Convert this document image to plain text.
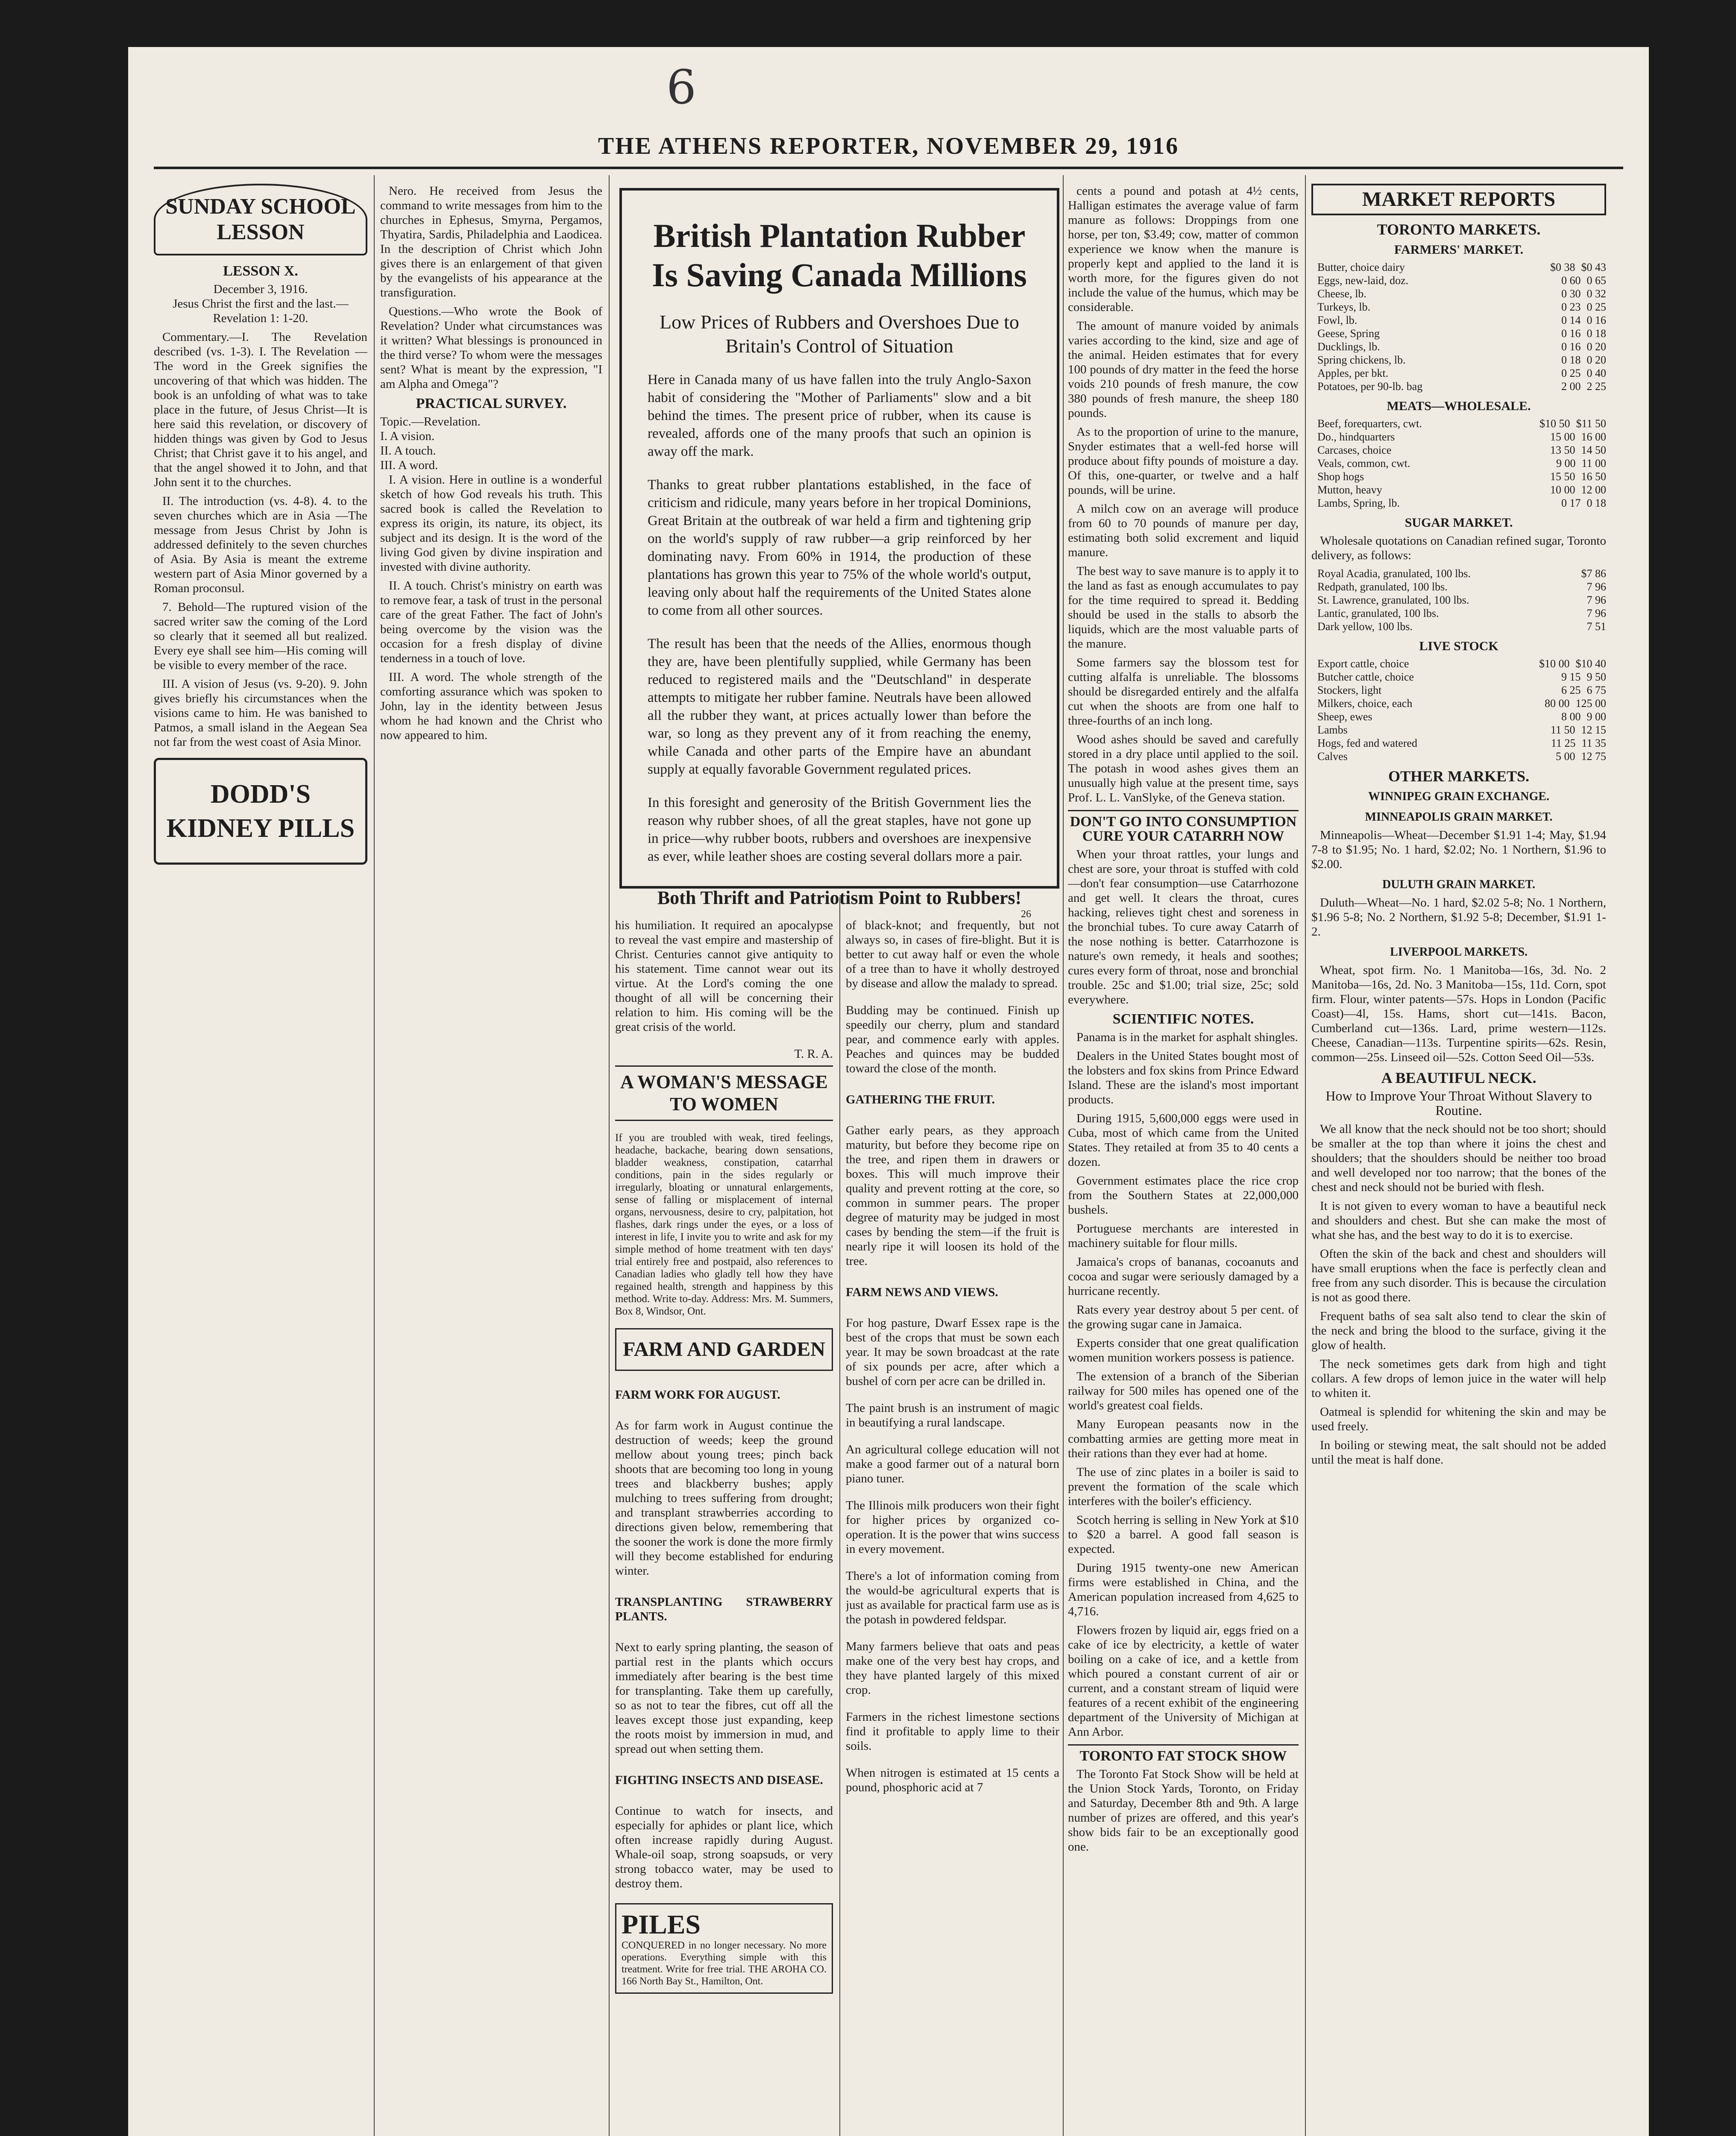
6
THE ATHENS REPORTER, NOVEMBER 29, 1916
SUNDAY SCHOOL LESSON
LESSON X.
December 3, 1916.
Jesus Christ the first and the last.—Revelation 1: 1-20.

Commentary.—I. The Revelation described (vs. 1-3). I. The Revelation —The word in the Greek signifies the uncovering of that which was hidden. The book is an unfolding of what was to take place in the future, of Jesus Christ—It is here said this revelation, or discovery of hidden things was given by God to Jesus Christ; that Christ gave it to his angel, and that the angel showed it to John, and that John sent it to the churches.

II. The introduction (vs. 4-8). 4. to the seven churches which are in Asia —The message from Jesus Christ by John is addressed definitely to the seven churches of Asia. By Asia is meant the extreme western part of Asia Minor governed by a Roman proconsul.

7. Behold—The ruptured vision of the sacred writer saw the coming of the Lord so clearly that it seemed all but realized. Every eye shall see him—His coming will be visible to every member of the race.

III. A vision of Jesus (vs. 9-20). 9. John gives briefly his circumstances when the visions came to him. He was banished to Patmos, a small island in the Aegean Sea not far from the west coast of Asia Minor.

DODD'S KIDNEY PILLS

Nero. He received from Jesus the command to write messages from him to the churches in Ephesus, Smyrna, Pergamos, Thyatira, Sardis, Philadelphia and Laodicea. In the description of Christ which John gives there is an enlargement of that given by the evangelists of his appearance at the transfiguration.

Questions.—Who wrote the Book of Revelation? Under what circumstances was it written? What blessings is pronounced in the third verse? To whom were the messages sent? What is meant by the expression, "I am Alpha and Omega"?

PRACTICAL SURVEY.
Topic.—Revelation.
I. A vision.
II. A touch.
III. A word.

I. A vision. Here in outline is a wonderful sketch of how God reveals his truth. This sacred book is called the Revelation to express its origin, its nature, its object, its subject and its design. It is the word of the living God given by divine inspiration and invested with divine authority.

II. A touch. Christ's ministry on earth was to remove fear, a task of trust in the personal care of the great Father. The fact of John's being overcome by the vision was the occasion for a fresh display of divine tenderness in a touch of love.

III. A word. The whole strength of the comforting assurance which was spoken to John, lay in the identity between Jesus whom he had known and the Christ who now appeared to him.

British Plantation Rubber Is Saving Canada Millions
Low Prices of Rubbers and Overshoes Due to Britain's Control of Situation

Here in Canada many of us have fallen into the truly Anglo-Saxon habit of considering the "Mother of Parliaments" slow and a bit behind the times. The present price of rubber, when its cause is revealed, affords one of the many proofs that such an opinion is away off the mark.

Thanks to great rubber plantations established, in the face of criticism and ridicule, many years before in her tropical Dominions, Great Britain at the outbreak of war held a firm and tightening grip on the world's supply of raw rubber—a grip reinforced by her dominating navy. From 60% in 1914, the production of these plantations has grown this year to 75% of the whole world's output, leaving only about half the requirements of the United States alone to come from all other sources.

The result has been that the needs of the Allies, enormous though they are, have been plentifully supplied, while Germany has been reduced to registered mails and the "Deutschland" in desperate attempts to mitigate her rubber famine. Neutrals have been allowed all the rubber they want, at prices actually lower than before the war, so long as they prevent any of it from reaching the enemy, while Canada and other parts of the Empire have an abundant supply at equally favorable Government regulated prices.

In this foresight and generosity of the British Government lies the reason why rubber shoes, of all the great staples, have not gone up in price—why rubber boots, rubbers and overshoes are inexpensive as ever, while leather shoes are costing several dollars more a pair.

Both Thrift and Patriotism Point to Rubbers!
26

his humiliation. It required an apocalypse to reveal the vast empire and mastership of Christ. Centuries cannot give antiquity to his statement. Time cannot wear out its virtue. At the Lord's coming the one thought of all will be concerning their relation to him. His coming will be the great crisis of the world.

T. R. A.
A WOMAN'S MESSAGE TO WOMEN

If you are troubled with weak, tired feelings, headache, backache, bearing down sensations, bladder weakness, constipation, catarrhal conditions, pain in the sides regularly or irregularly, bloating or unnatural enlargements, sense of falling or misplacement of internal organs, nervousness, desire to cry, palpitation, hot flashes, dark rings under the eyes, or a loss of interest in life, I invite you to write and ask for my simple method of home treatment with ten days' trial entirely free and postpaid, also references to Canadian ladies who gladly tell how they have regained health, strength and happiness by this method. Write to-day. Address: Mrs. M. Summers, Box 8, Windsor, Ont.

FARM AND GARDEN
FARM WORK FOR AUGUST.

As for farm work in August continue the destruction of weeds; keep the ground mellow about young trees; pinch back shoots that are becoming too long in young trees and blackberry bushes; apply mulching to trees suffering from drought; and transplant strawberries according to directions given below, remembering that the sooner the work is done the more firmly will they become established for enduring winter.

TRANSPLANTING STRAWBERRY PLANTS.

Next to early spring planting, the season of partial rest in the plants which occurs immediately after bearing is the best time for transplanting. Take them up carefully, so as not to tear the fibres, cut off all the leaves except those just expanding, keep the roots moist by immersion in mud, and spread out when setting them.

FIGHTING INSECTS AND DISEASE.

Continue to watch for insects, and especially for aphides or plant lice, which often increase rapidly during August. Whale-oil soap, strong soapsuds, or very strong tobacco water, may be used to destroy them.

PILES
CONQUERED in no longer necessary. No more operations. Everything simple with this treatment. Write for free trial. THE AROHA CO. 166 North Bay St., Hamilton, Ont.

of black-knot; and frequently, but not always so, in cases of fire-blight. But it is better to cut away half or even the whole of a tree than to have it wholly destroyed by disease and allow the malady to spread.

Budding may be continued. Finish up speedily our cherry, plum and standard pear, and commence early with apples. Peaches and quinces may be budded toward the close of the month.

GATHERING THE FRUIT.

Gather early pears, as they approach maturity, but before they become ripe on the tree, and ripen them in drawers or boxes. This will much improve their quality and prevent rotting at the core, so common in summer pears. The proper degree of maturity may be judged in most cases by bending the stem—if the fruit is nearly ripe it will loosen its hold of the tree.

FARM NEWS AND VIEWS.

For hog pasture, Dwarf Essex rape is the best of the crops that must be sown each year. It may be sown broadcast at the rate of six pounds per acre, after which a bushel of corn per acre can be drilled in.

The paint brush is an instrument of magic in beautifying a rural landscape.

An agricultural college education will not make a good farmer out of a natural born piano tuner.

The Illinois milk producers won their fight for higher prices by organized co-operation. It is the power that wins success in every movement.

There's a lot of information coming from the would-be agricultural experts that is just as available for practical farm use as is the potash in powdered feldspar.

Many farmers believe that oats and peas make one of the very best hay crops, and they have planted largely of this mixed crop.

Farmers in the richest limestone sections find it profitable to apply lime to their soils.

When nitrogen is estimated at 15 cents a pound, phosphoric acid at 7

cents a pound and potash at 4½ cents, Halligan estimates the average value of farm manure as follows: Droppings from one horse, per ton, $3.49; cow, matter of common experience we know when the manure is properly kept and applied to the land it is worth more, for the figures given do not include the value of the humus, which may be considerable.

The amount of manure voided by animals varies according to the kind, size and age of the animal. Heiden estimates that for every 100 pounds of dry matter in the feed the horse voids 210 pounds of fresh manure, the cow 380 pounds of fresh manure, the sheep 180 pounds.

As to the proportion of urine to the manure, Snyder estimates that a well-fed horse will produce about fifty pounds of moisture a day. Of this, one-quarter, or twelve and a half pounds, will be urine.

A milch cow on an average will produce from 60 to 70 pounds of manure per day, estimating both solid excrement and liquid manure.

The best way to save manure is to apply it to the land as fast as enough accumulates to pay for the time required to spread it. Bedding should be used in the stalls to absorb the liquids, which are the most valuable parts of the manure.

Some farmers say the blossom test for cutting alfalfa is unreliable. The blossoms should be disregarded entirely and the alfalfa cut when the shoots are from one half to three-fourths of an inch long.

Wood ashes should be saved and carefully stored in a dry place until applied to the soil. The potash in wood ashes gives them an unusually high value at the present time, says Prof. L. L. VanSlyke, of the Geneva station.

DON'T GO INTO CONSUMPTION CURE YOUR CATARRH NOW

When your throat rattles, your lungs and chest are sore, your throat is stuffed with cold—don't fear consumption—use Catarrhozone and get well. It clears the throat, cures hacking, relieves tight chest and soreness in the bronchial tubes. To cure away Catarrh of the nose nothing is better. Catarrhozone is nature's own remedy, it heals and soothes; cures every form of throat, nose and bronchial trouble. 25c and $1.00; trial size, 25c; sold everywhere.

SCIENTIFIC NOTES.

Panama is in the market for asphalt shingles.

Dealers in the United States bought most of the lobsters and fox skins from Prince Edward Island. These are the island's most important products.

During 1915, 5,600,000 eggs were used in Cuba, most of which came from the United States. They retailed at from 35 to 40 cents a dozen.

Government estimates place the rice crop from the Southern States at 22,000,000 bushels.

Portuguese merchants are interested in machinery suitable for flour mills.

Jamaica's crops of bananas, cocoanuts and cocoa and sugar were seriously damaged by a hurricane recently.

Rats every year destroy about 5 per cent. of the growing sugar cane in Jamaica.

Experts consider that one great qualification women munition workers possess is patience.

The extension of a branch of the Siberian railway for 500 miles has opened one of the world's greatest coal fields.

Many European peasants now in the combatting armies are getting more meat in their rations than they ever had at home.

The use of zinc plates in a boiler is said to prevent the formation of the scale which interferes with the boiler's efficiency.

Scotch herring is selling in New York at $10 to $20 a barrel. A good fall season is expected.

During 1915 twenty-one new American firms were established in China, and the American population increased from 4,625 to 4,716.

Flowers frozen by liquid air, eggs fried on a cake of ice by electricity, a kettle of water boiling on a cake of ice, and a kettle from which poured a constant current of air or current, and a constant stream of liquid were features of a recent exhibit of the engineering department of the University of Michigan at Ann Arbor.

TORONTO FAT STOCK SHOW

The Toronto Fat Stock Show will be held at the Union Stock Yards, Toronto, on Friday and Saturday, December 8th and 9th. A large number of prizes are offered, and this year's show bids fair to be an exceptionally good one.

MARKET REPORTS
TORONTO MARKETS.
FARMERS' MARKET.
Butter, choice dairy	$0 38 $0 43
Eggs, new-laid, doz.	0 60 0 65
Cheese, lb.	0 30 0 32
Turkeys, lb.	0 23 0 25
Fowl, lb.	0 14 0 16
Geese, Spring	0 16 0 18
Ducklings, lb.	0 16 0 20
Spring chickens, lb.	0 18 0 20
Apples, per bkt.	0 25 0 40
Potatoes, per 90-lb. bag	2 00 2 25
MEATS—WHOLESALE.
Beef, forequarters, cwt.	$10 50 $11 50
Do., hindquarters	15 00 16 00
Carcases, choice	13 50 14 50
Veals, common, cwt.	9 00 11 00
Shop hogs	15 50 16 50
Mutton, heavy	10 00 12 00
Lambs, Spring, lb.	0 17 0 18
SUGAR MARKET.

Wholesale quotations on Canadian refined sugar, Toronto delivery, as follows:

Royal Acadia, granulated, 100 lbs.	$7 86
Redpath, granulated, 100 lbs.	7 96
St. Lawrence, granulated, 100 lbs.	7 96
Lantic, granulated, 100 lbs.	7 96
Dark yellow, 100 lbs.	7 51
LIVE STOCK
Export cattle, choice	$10 00 $10 40
Butcher cattle, choice	9 15 9 50
Stockers, light	6 25 6 75
Milkers, choice, each	80 00 125 00
Sheep, ewes	8 00 9 00
Lambs	11 50 12 15
Hogs, fed and watered	11 25 11 35
Calves	5 00 12 75
OTHER MARKETS.
WINNIPEG GRAIN EXCHANGE.
MINNEAPOLIS GRAIN MARKET.

Minneapolis—Wheat—December $1.91 1-4; May, $1.94 7-8 to $1.95; No. 1 hard, $2.02; No. 1 Northern, $1.96 to $2.00.

DULUTH GRAIN MARKET.

Duluth—Wheat—No. 1 hard, $2.02 5-8; No. 1 Northern, $1.96 5-8; No. 2 Northern, $1.92 5-8; December, $1.91 1-2.

LIVERPOOL MARKETS.

Wheat, spot firm. No. 1 Manitoba—16s, 3d. No. 2 Manitoba—16s, 2d. No. 3 Manitoba—15s, 11d. Corn, spot firm. Flour, winter patents—57s. Hops in London (Pacific Coast)—4l, 15s. Hams, short cut—141s. Bacon, Cumberland cut—136s. Lard, prime western—112s. Cheese, Canadian—113s. Turpentine spirits—62s. Resin, common—25s. Linseed oil—52s. Cotton Seed Oil—53s.

A BEAUTIFUL NECK.
How to Improve Your Throat Without Slavery to Routine.

We all know that the neck should not be too short; should be smaller at the top than where it joins the chest and shoulders; that the shoulders should be neither too broad and well developed nor too narrow; that the bones of the chest and neck should not be buried with flesh.

It is not given to every woman to have a beautiful neck and shoulders and chest. But she can make the most of what she has, and the best way to do it is to exercise.

Often the skin of the back and chest and shoulders will have small eruptions when the face is perfectly clean and free from any such disorder. This is because the circulation is not as good there.

Frequent baths of sea salt also tend to clear the skin of the neck and bring the blood to the surface, giving it the glow of health.

The neck sometimes gets dark from high and tight collars. A few drops of lemon juice in the water will help to whiten it.

Oatmeal is splendid for whitening the skin and may be used freely.

In boiling or stewing meat, the salt should not be added until the meat is half done.
